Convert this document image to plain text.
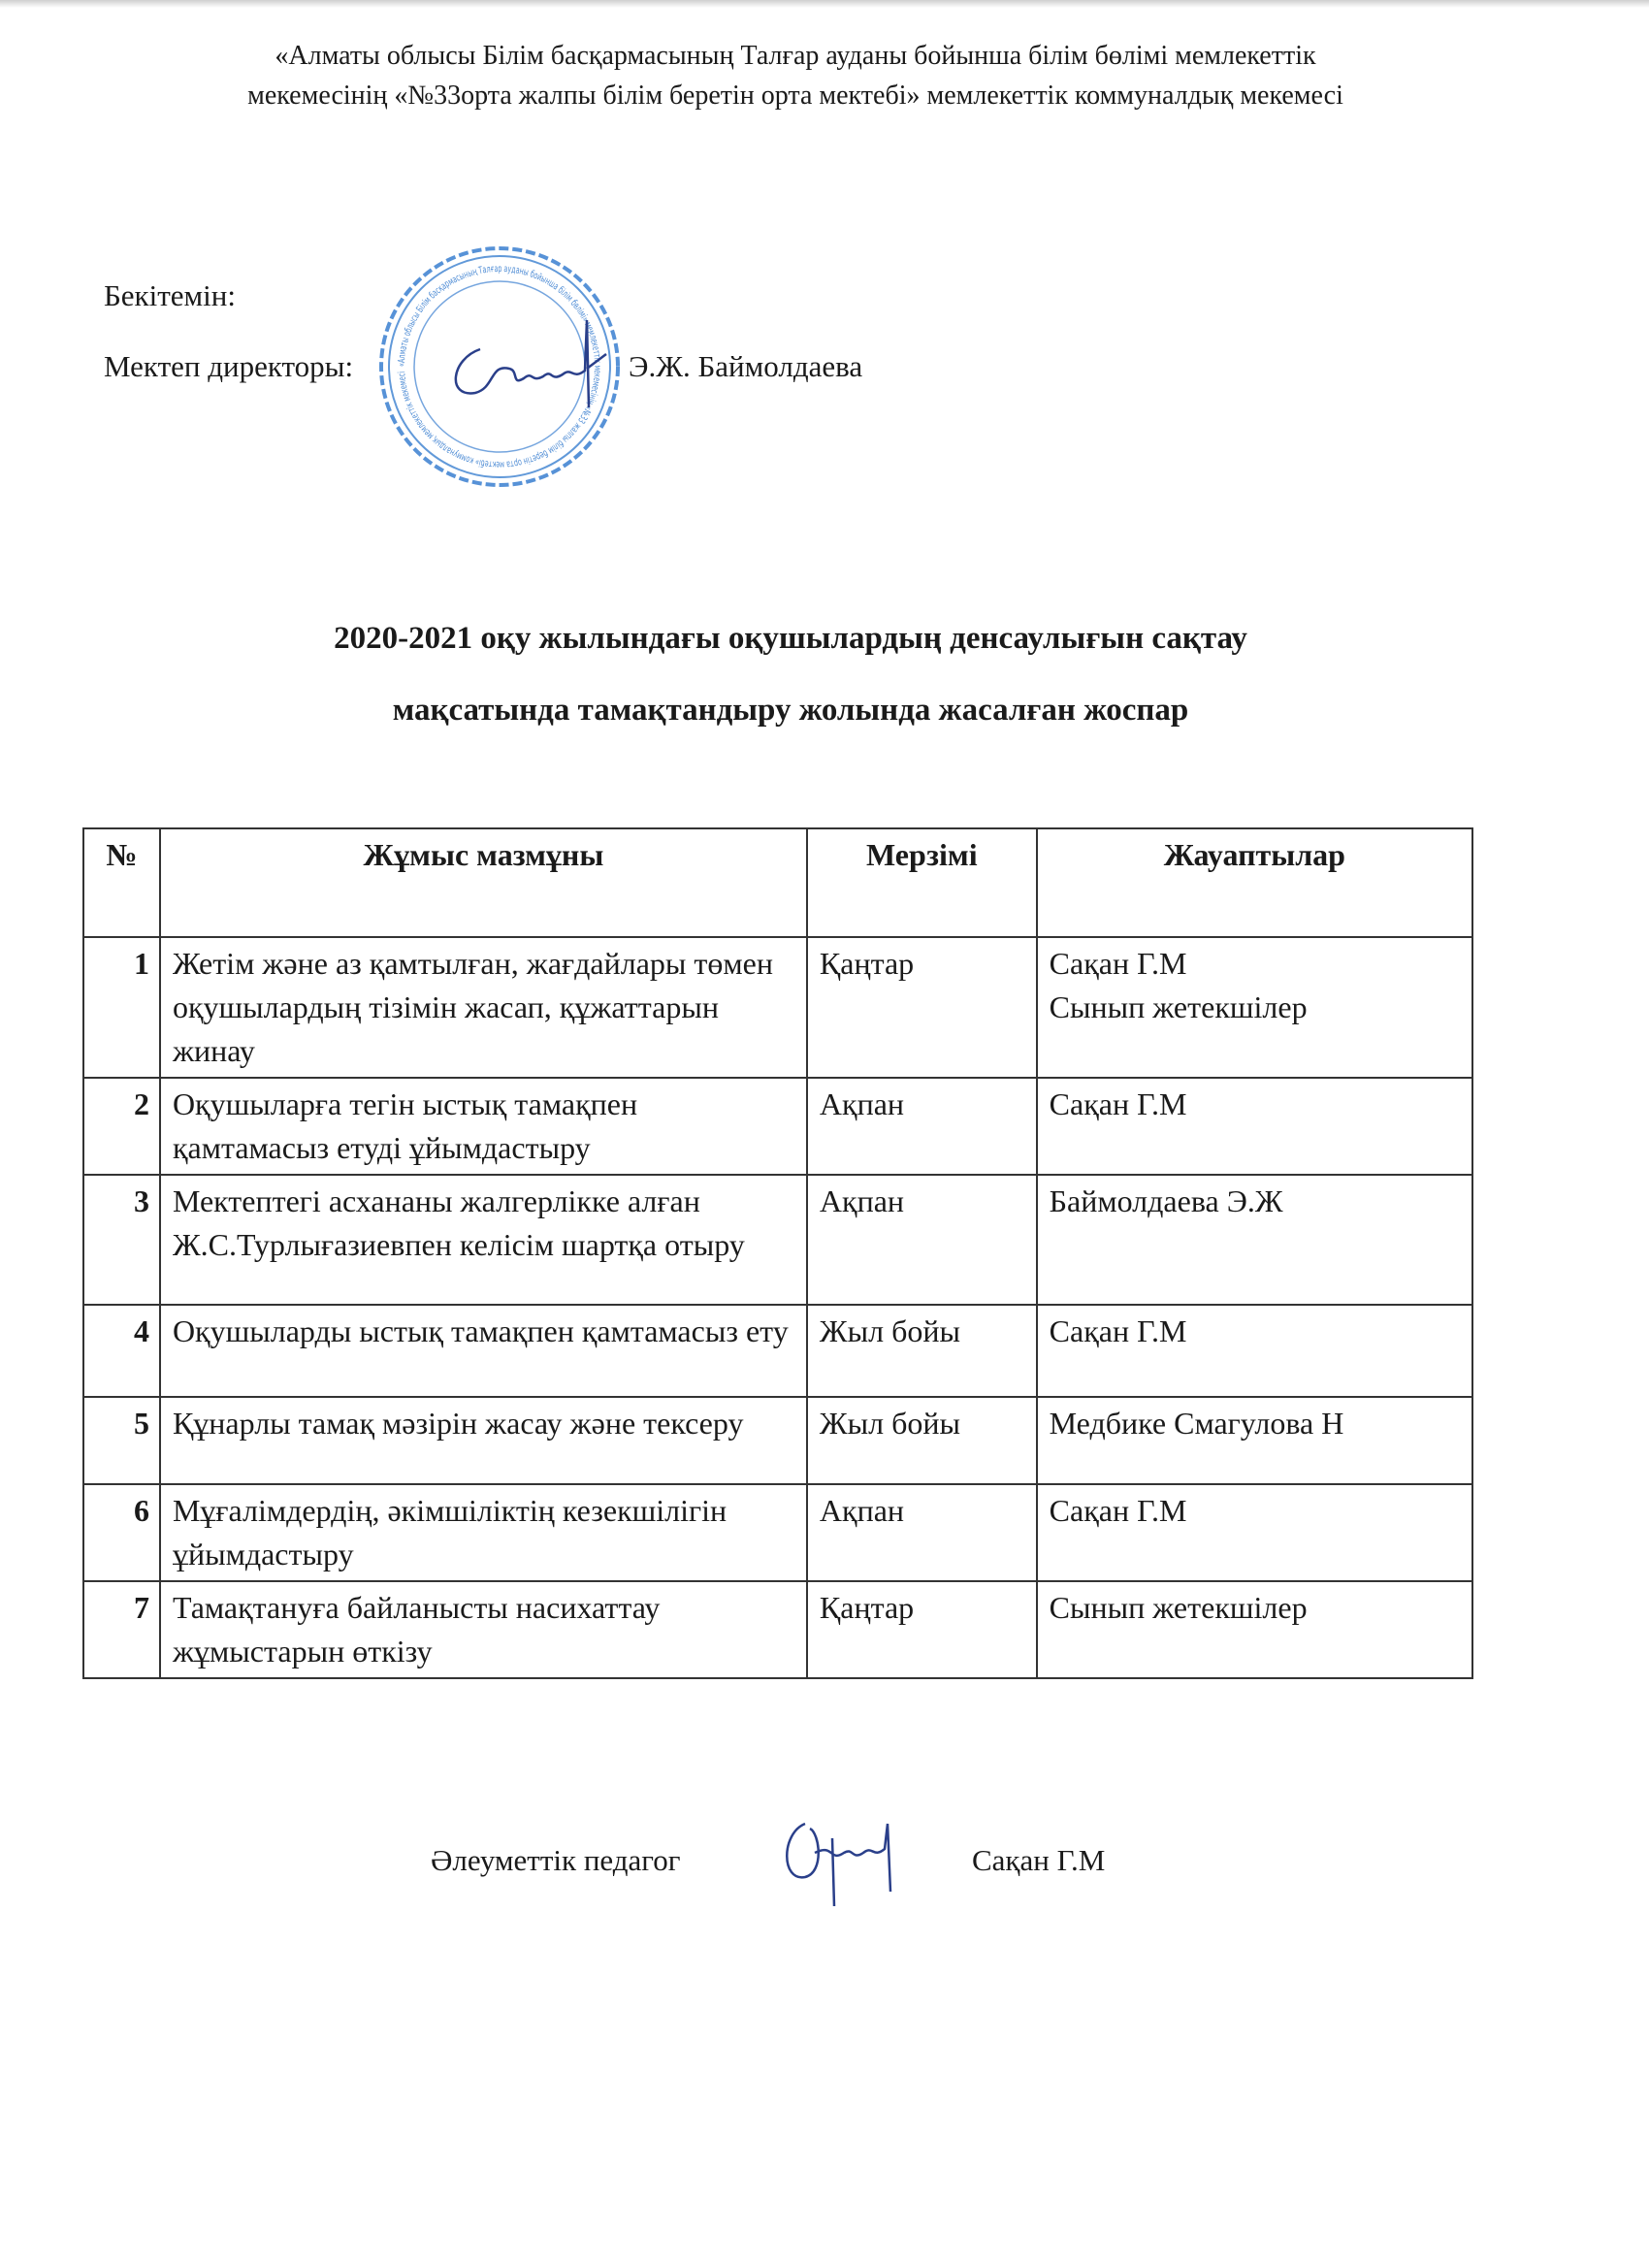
«Алматы облысы Білім басқармасының Талғар ауданы бойынша білім бөлімі мемлекеттік
мекемесінің «№33орта жалпы білім беретін орта мектебі» мемлекеттік коммуналдық мекемесі
«Алматы облысы Білім басқармасының Талғар ауданы бойынша білім бөлімі» мемлекеттік мекемесінің «№33 жалпы білім беретін орта мектебі» коммуналдық мемлекеттік мекемесі
Бекітемін:
Мектеп директоры:	Э.Ж. Баймолдаева
2020-2021 оқу жылындағы оқушылардың денсаулығын сақтау
мақсатында тамақтандыру жолында жасалған жоспар
№	Жұмыс мазмұны	Мерзімі	Жауаптылар
1	Жетім және аз қамтылған, жағдайлары төмен оқушылардың тізімін жасап, құжаттарын жинау	Қаңтар	Сақан Г.М
Сынып жетекшілер

2	Оқушыларға тегін ыстық тамақпен қамтамасыз етуді ұйымдастыру	Ақпан	Сақан Г.М
3	Мектептегі асхананы жалгерлікке алған Ж.С.Турлығазиевпен келісім шартқа отыру	Ақпан	Баймолдаева Э.Ж
4	Оқушыларды ыстық тамақпен қамтамасыз ету	Жыл бойы	Сақан Г.М
5	Құнарлы тамақ мәзірін жасау және тексеру	Жыл бойы	Медбике Смагулова Н
6	Мұғалімдердің, әкімшіліктің кезекшілігін ұйымдастыру	Ақпан	Сақан Г.М
7	Тамақтануға байланысты насихаттау жұмыстарын өткізу	Қаңтар	Сынып жетекшілер
Әлеуметтік педагог	Сақан Г.М
